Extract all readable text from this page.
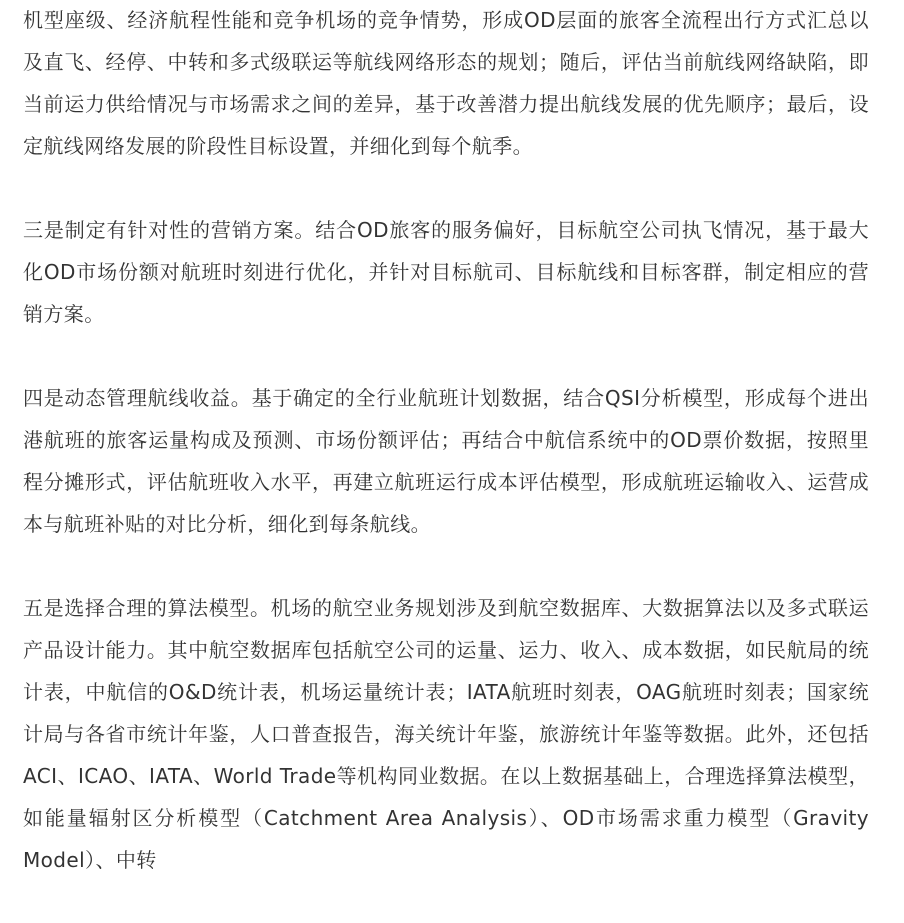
机型座级、经济航程性能和竞争机场的竞争情势，形成OD层面的旅客全流程出行方式汇总以及直飞、经停、中转和多式级联运等航线网络形态的规划；随后，评估当前航线网络缺陷，即当前运力供给情况与市场需求之间的差异，基于改善潜力提出航线发展的优先顺序；最后，设定航线网络发展的阶段性目标设置，并细化到每个航季。

三是制定有针对性的营销方案。结合OD旅客的服务偏好，目标航空公司执飞情况，基于最大化OD市场份额对航班时刻进行优化，并针对目标航司、目标航线和目标客群，制定相应的营销方案。

四是动态管理航线收益。基于确定的全行业航班计划数据，结合QSI分析模型，形成每个进出港航班的旅客运量构成及预测、市场份额评估；再结合中航信系统中的OD票价数据，按照里程分摊形式，评估航班收入水平，再建立航班运行成本评估模型，形成航班运输收入、运营成本与航班补贴的对比分析，细化到每条航线。

五是选择合理的算法模型。机场的航空业务规划涉及到航空数据库、大数据算法以及多式联运产品设计能力。其中航空数据库包括航空公司的运量、运力、收入、成本数据，如民航局的统计表，中航信的O&D统计表，机场运量统计表；IATA航班时刻表，OAG航班时刻表；国家统计局与各省市统计年鉴，人口普查报告，海关统计年鉴，旅游统计年鉴等数据。此外，还包括ACI、ICAO、IATA、World Trade等机构同业数据。在以上数据基础上，合理选择算法模型，如能量辐射区分析模型（Catchment Area Analysis）、OD市场需求重力模型（Gravity Model）、中转
